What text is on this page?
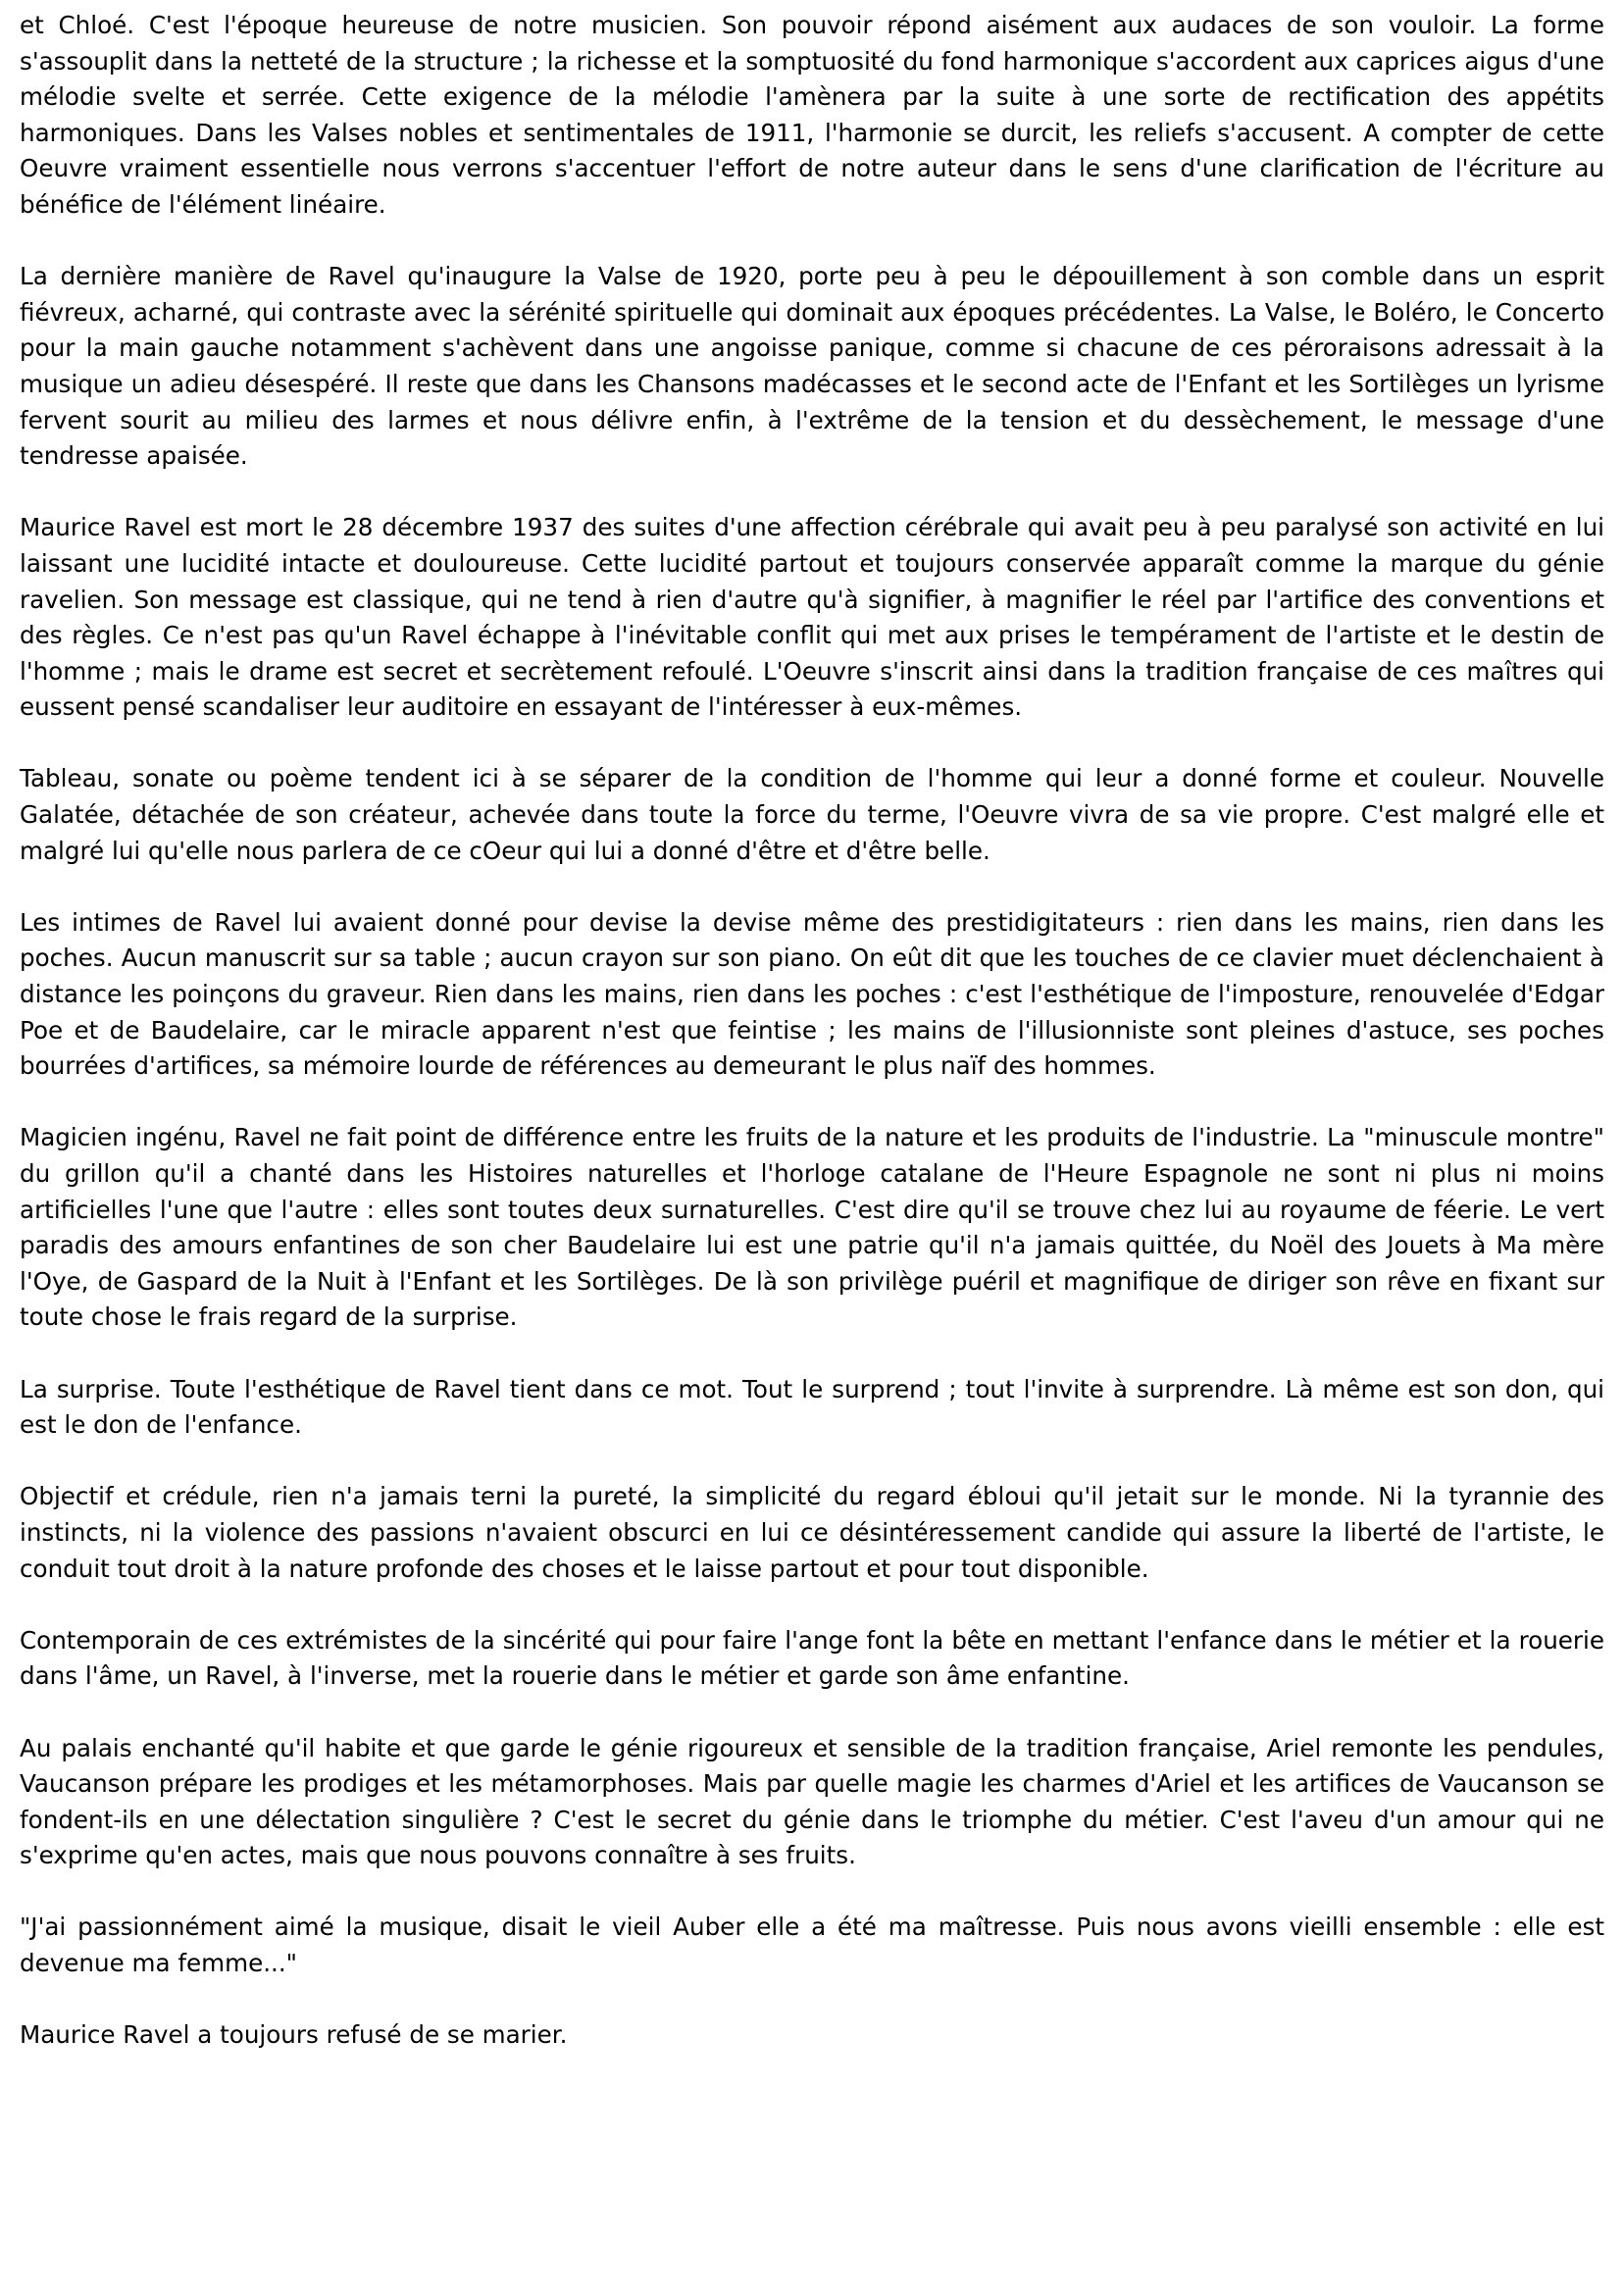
et Chloé. C'est l'époque heureuse de notre musicien. Son pouvoir répond aisément aux audaces de son vouloir. La forme s'assouplit dans la netteté de la structure ; la richesse et la somptuosité du fond harmonique s'accordent aux caprices aigus d'une mélodie svelte et serrée. Cette exigence de la mélodie l'amènera par la suite à une sorte de rectification des appétits harmoniques. Dans les Valses nobles et sentimentales de 1911, l'harmonie se durcit, les reliefs s'accusent. A compter de cette Oeuvre vraiment essentielle nous verrons s'accentuer l'effort de notre auteur dans le sens d'une clarification de l'écriture au bénéfice de l'élément linéaire.

La dernière manière de Ravel qu'inaugure la Valse de 1920, porte peu à peu le dépouillement à son comble dans un esprit fiévreux, acharné, qui contraste avec la sérénité spirituelle qui dominait aux époques précédentes. La Valse, le Boléro, le Concerto pour la main gauche notamment s'achèvent dans une angoisse panique, comme si chacune de ces péroraisons adressait à la musique un adieu désespéré. Il reste que dans les Chansons madécasses et le second acte de l'Enfant et les Sortilèges un lyrisme fervent sourit au milieu des larmes et nous délivre enfin, à l'extrême de la tension et du dessèchement, le message d'une tendresse apaisée.

Maurice Ravel est mort le 28 décembre 1937 des suites d'une affection cérébrale qui avait peu à peu paralysé son activité en lui laissant une lucidité intacte et douloureuse. Cette lucidité partout et toujours conservée apparaît comme la marque du génie ravelien. Son message est classique, qui ne tend à rien d'autre qu'à signifier, à magnifier le réel par l'artifice des conventions et des règles. Ce n'est pas qu'un Ravel échappe à l'inévitable conflit qui met aux prises le tempérament de l'artiste et le destin de l'homme ; mais le drame est secret et secrètement refoulé. L'Oeuvre s'inscrit ainsi dans la tradition française de ces maîtres qui eussent pensé scandaliser leur auditoire en essayant de l'intéresser à eux-mêmes.

Tableau, sonate ou poème tendent ici à se séparer de la condition de l'homme qui leur a donné forme et couleur. Nouvelle Galatée, détachée de son créateur, achevée dans toute la force du terme, l'Oeuvre vivra de sa vie propre. C'est malgré elle et malgré lui qu'elle nous parlera de ce cOeur qui lui a donné d'être et d'être belle.

Les intimes de Ravel lui avaient donné pour devise la devise même des prestidigitateurs : rien dans les mains, rien dans les poches. Aucun manuscrit sur sa table ; aucun crayon sur son piano. On eût dit que les touches de ce clavier muet déclenchaient à distance les poinçons du graveur. Rien dans les mains, rien dans les poches : c'est l'esthétique de l'imposture, renouvelée d'Edgar Poe et de Baudelaire, car le miracle apparent n'est que feintise ; les mains de l'illusionniste sont pleines d'astuce, ses poches bourrées d'artifices, sa mémoire lourde de références au demeurant le plus naïf des hommes.

Magicien ingénu, Ravel ne fait point de différence entre les fruits de la nature et les produits de l'industrie. La "minuscule montre" du grillon qu'il a chanté dans les Histoires naturelles et l'horloge catalane de l'Heure Espagnole ne sont ni plus ni moins artificielles l'une que l'autre : elles sont toutes deux surnaturelles. C'est dire qu'il se trouve chez lui au royaume de féerie. Le vert paradis des amours enfantines de son cher Baudelaire lui est une patrie qu'il n'a jamais quittée, du Noël des Jouets à Ma mère l'Oye, de Gaspard de la Nuit à l'Enfant et les Sortilèges. De là son privilège puéril et magnifique de diriger son rêve en fixant sur toute chose le frais regard de la surprise.

La surprise. Toute l'esthétique de Ravel tient dans ce mot. Tout le surprend ; tout l'invite à surprendre. Là même est son don, qui est le don de l'enfance.

Objectif et crédule, rien n'a jamais terni la pureté, la simplicité du regard ébloui qu'il jetait sur le monde. Ni la tyrannie des instincts, ni la violence des passions n'avaient obscurci en lui ce désintéressement candide qui assure la liberté de l'artiste, le conduit tout droit à la nature profonde des choses et le laisse partout et pour tout disponible.

Contemporain de ces extrémistes de la sincérité qui pour faire l'ange font la bête en mettant l'enfance dans le métier et la rouerie dans l'âme, un Ravel, à l'inverse, met la rouerie dans le métier et garde son âme enfantine.

Au palais enchanté qu'il habite et que garde le génie rigoureux et sensible de la tradition française, Ariel remonte les pendules, Vaucanson prépare les prodiges et les métamorphoses. Mais par quelle magie les charmes d'Ariel et les artifices de Vaucanson se fondent-ils en une délectation singulière ? C'est le secret du génie dans le triomphe du métier. C'est l'aveu d'un amour qui ne s'exprime qu'en actes, mais que nous pouvons connaître à ses fruits.

"J'ai passionnément aimé la musique, disait le vieil Auber elle a été ma maîtresse. Puis nous avons vieilli ensemble : elle est devenue ma femme..."

Maurice Ravel a toujours refusé de se marier.
